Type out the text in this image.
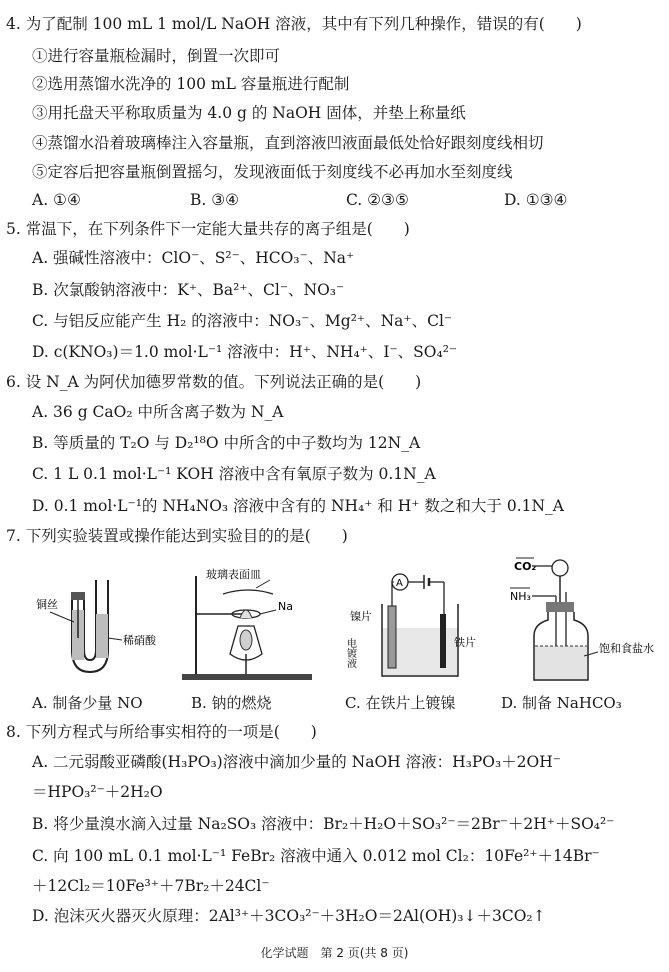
4. 为了配制 100 mL 1 mol/L NaOH 溶液，其中有下列几种操作，错误的有(　　)
①进行容量瓶检漏时，倒置一次即可
②选用蒸馏水洗净的 100 mL 容量瓶进行配制
③用托盘天平称取质量为 4.0 g 的 NaOH 固体，并垫上称量纸
④蒸馏水沿着玻璃棒注入容量瓶，直到溶液凹液面最低处恰好跟刻度线相切
⑤定容后把容量瓶倒置摇匀，发现液面低于刻度线不必再加水至刻度线
A. ①④	B. ③④	C. ②③⑤	D. ①③④
5. 常温下，在下列条件下一定能大量共存的离子组是(　　)
A. 强碱性溶液中：ClO⁻、S²⁻、HCO₃⁻、Na⁺
B. 次氯酸钠溶液中：K⁺、Ba²⁺、Cl⁻、NO₃⁻
C. 与铝反应能产生 H₂ 的溶液中：NO₃⁻、Mg²⁺、Na⁺、Cl⁻
D. c(KNO₃)＝1.0 mol·L⁻¹ 溶液中：H⁺、NH₄⁺、I⁻、SO₄²⁻
6. 设 N_A 为阿伏加德罗常数的值。下列说法正确的是(　　)
A. 36 g CaO₂ 中所含离子数为 N_A
B. 等质量的 T₂O 与 D₂¹⁸O 中所含的中子数均为 12N_A
C. 1 L 0.1 mol·L⁻¹ KOH 溶液中含有氧原子数为 0.1N_A
D. 0.1 mol·L⁻¹的 NH₄NO₃ 溶液中含有的 NH₄⁺ 和 H⁺ 数之和大于 0.1N_A
7. 下列实验装置或操作能达到实验目的的是(　　)
铜丝
稀硝酸
玻璃表面皿
Na
A
镍片
电镀液	铁片
CO₂
NH₃
饱和食盐水
A. 制备少量 NO	B. 钠的燃烧	C. 在铁片上镀镍	D. 制备 NaHCO₃
8. 下列方程式与所给事实相符的一项是(　　)
A. 二元弱酸亚磷酸(H₃PO₃)溶液中滴加少量的 NaOH 溶液：H₃PO₃＋2OH⁻
＝HPO₃²⁻＋2H₂O
B. 将少量溴水滴入过量 Na₂SO₃ 溶液中：Br₂＋H₂O＋SO₃²⁻＝2Br⁻＋2H⁺＋SO₄²⁻
C. 向 100 mL 0.1 mol·L⁻¹ FeBr₂ 溶液中通入 0.012 mol Cl₂：10Fe²⁺＋14Br⁻
＋12Cl₂＝10Fe³⁺＋7Br₂＋24Cl⁻
D. 泡沫灭火器灭火原理：2Al³⁺＋3CO₃²⁻＋3H₂O＝2Al(OH)₃↓＋3CO₂↑
化学试题　第 2 页(共 8 页)
